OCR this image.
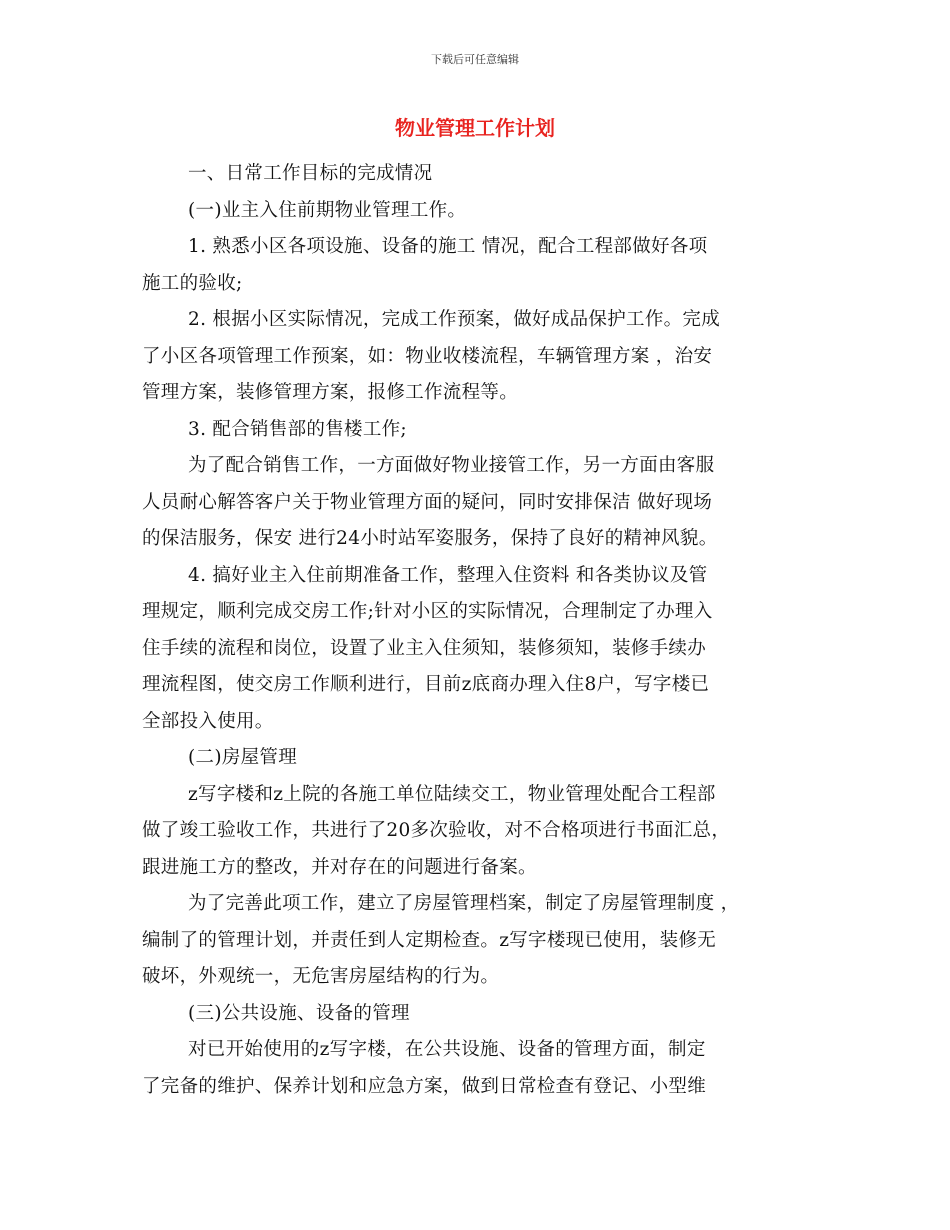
下载后可任意编辑
物业管理工作计划
一、日常工作目标的完成情况
(一)业主入住前期物业管理工作。
1. 熟悉小区各项设施、设备的施工 情况，配合工程部做好各项
施工的验收;
2. 根据小区实际情况，完成工作预案，做好成品保护工作。完成
了小区各项管理工作预案，如：物业收楼流程，车辆管理方案 ，治安
管理方案，装修管理方案，报修工作流程等。
3. 配合销售部的售楼工作;
为了配合销售工作，一方面做好物业接管工作，另一方面由客服
人员耐心解答客户关于物业管理方面的疑问，同时安排保洁 做好现场
的保洁服务，保安 进行24小时站军姿服务，保持了良好的精神风貌。
4. 搞好业主入住前期准备工作，整理入住资料 和各类协议及管
理规定，顺利完成交房工作;针对小区的实际情况，合理制定了办理入
住手续的流程和岗位，设置了业主入住须知，装修须知，装修手续办
理流程图，使交房工作顺利进行，目前z底商办理入住8户，写字楼已
全部投入使用。
(二)房屋管理
z写字楼和z上院的各施工单位陆续交工，物业管理处配合工程部
做了竣工验收工作，共进行了20多次验收，对不合格项进行书面汇总，
跟进施工方的整改，并对存在的问题进行备案。
为了完善此项工作，建立了房屋管理档案，制定了房屋管理制度 ，
编制了的管理计划，并责任到人定期检查。z写字楼现已使用，装修无
破坏，外观统一，无危害房屋结构的行为。
(三)公共设施、设备的管理
对已开始使用的z写字楼，在公共设施、设备的管理方面，制定
了完备的维护、保养计划和应急方案，做到日常检查有登记、小型维
